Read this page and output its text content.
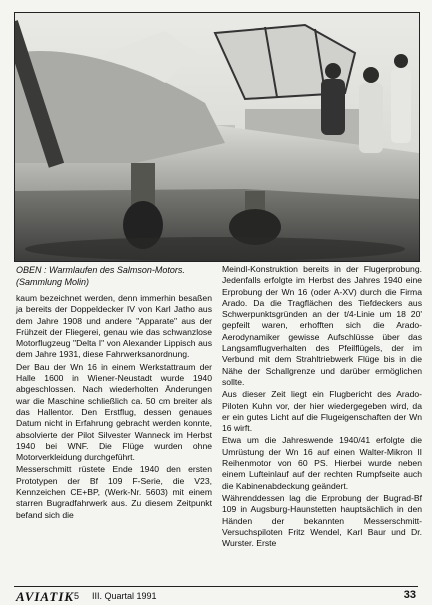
OBEN : Warmlaufen des Salmson-Motors. (Sammlung Molin)

kaum bezeichnet werden, denn immerhin besaßen ja bereits der Doppeldecker IV von Karl Jatho aus dem Jahre 1908 und andere "Apparate" aus der Frühzeit der Fliegerei, genau wie das schwanzlose Motorflugzeug "Delta I" von Alexander Lippisch aus dem Jahre 1931, diese Fahrwerksanordnung.

Der Bau der Wn 16 in einem Werkstattraum der Halle 1600 in Wiener-Neustadt wurde 1940 abgeschlossen. Nach wiederholten Änderungen war die Maschine schließlich ca. 50 cm breiter als das Hallentor. Den Erstflug, dessen genaues Datum nicht in Erfahrung gebracht werden konnte, absolvierte der Pilot Silvester Wanneck im Herbst 1940 bei WNF. Die Flüge wurden ohne Motorverkleidung durchgeführt.

Messerschmitt rüstete Ende 1940 den ersten Prototypen der Bf 109 F-Serie, die V23, Kennzeichen CE+BP, (Werk-Nr. 5603) mit einem starren Bugradfahrwerk aus. Zu diesem Zeitpunkt befand sich die

Meindl-Konstruktion bereits in der Flugerprobung. Jedenfalls erfolgte im Herbst des Jahres 1940 eine Erprobung der Wn 16 (oder A-XV) durch die Firma Arado. Da die Tragflächen des Tiefdeckers aus Schwerpunktsgründen an der t/4-Linie um 18 20' gepfeilt waren, erhofften sich die Arado-Aerodynamiker gewisse Aufschlüsse über das Langsamflugverhalten des Pfeilflügels, der im Verbund mit dem Strahltriebwerk Flüge bis in die Nähe der Schallgrenze und darüber ermöglichen sollte.

Aus dieser Zeit liegt ein Flugbericht des Arado-Piloten Kuhn vor, der hier wiedergegeben wird, da er ein gutes Licht auf die Flugeigenschaften der Wn 16 wirft.

Etwa um die Jahreswende 1940/41 erfolgte die Umrüstung der Wn 16 auf einen Walter-Mikron II Reihenmotor von 60 PS. Hierbei wurde neben einem Lufteinlauf auf der rechten Rumpfseite auch die Kabinenabdeckung geändert.

Währenddessen lag die Erprobung der Bugrad-Bf 109 in Augsburg-Haunstetten hauptsächlich in den Händen der bekannten Messerschmitt-Versuchspiloten Fritz Wendel, Karl Baur und Dr. Wurster. Erste

AVIATIK 5 III. Quartal 1991	33
